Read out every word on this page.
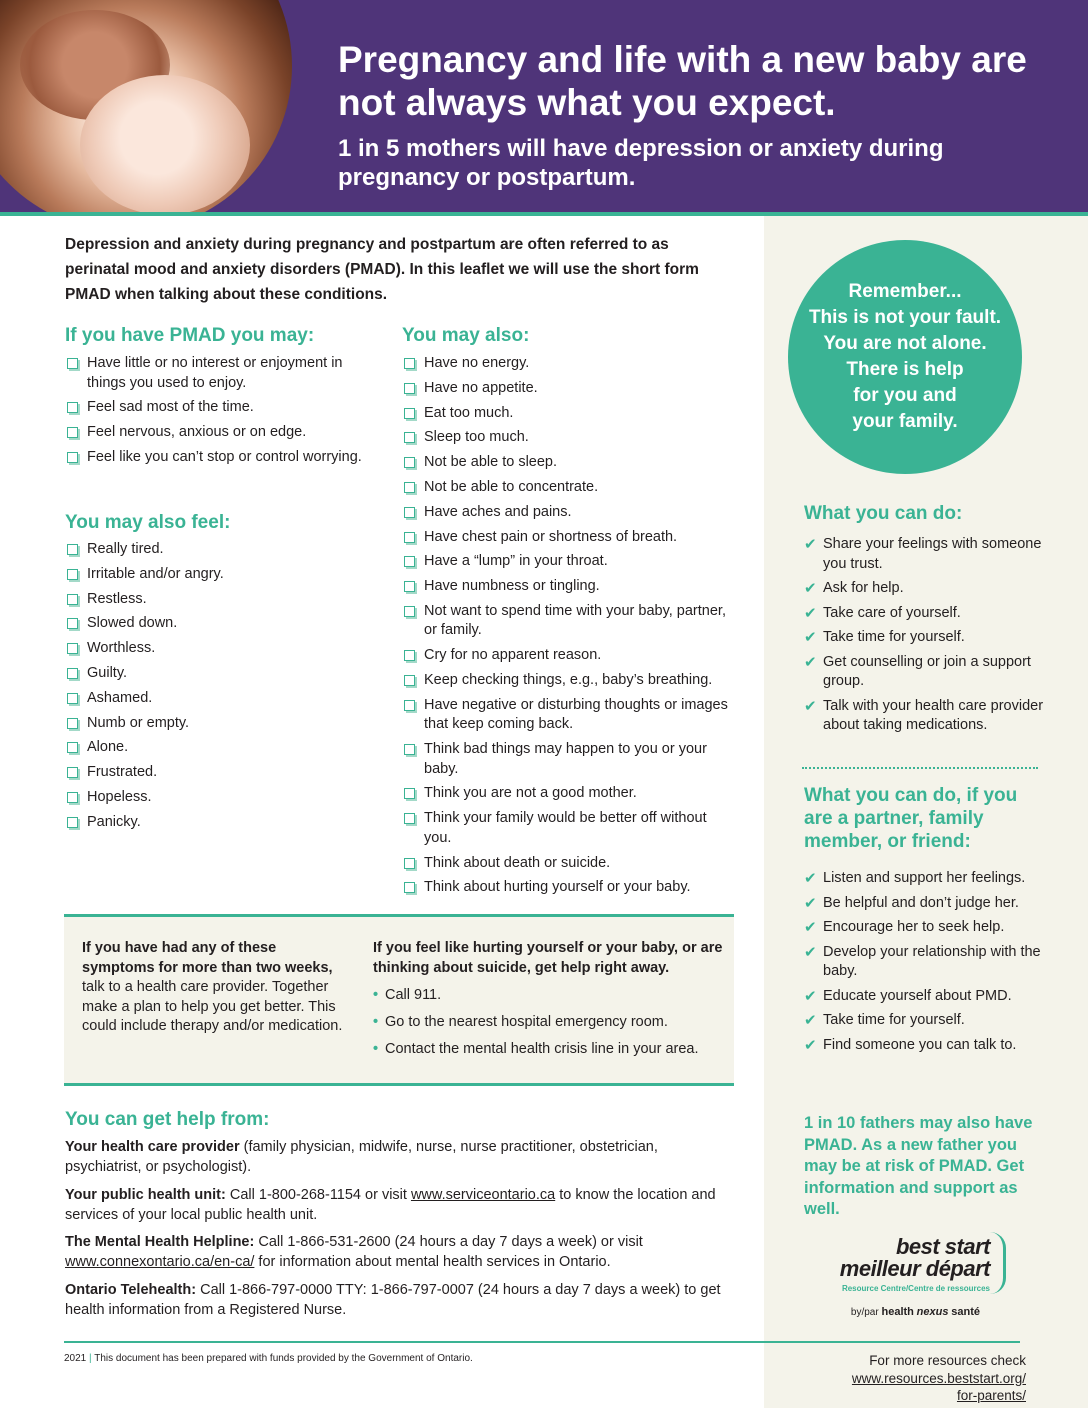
Pregnancy and life with a new baby are not always what you expect.
1 in 5 mothers will have depression or anxiety during pregnancy or postpartum.

Depression and anxiety during pregnancy and postpartum are often referred to as perinatal mood and anxiety disorders (PMAD). In this leaflet we will use the short form PMAD when talking about these conditions.

If you have PMAD you may:
Have little or no interest or enjoyment in things you used to enjoy.
Feel sad most of the time.
Feel nervous, anxious or on edge.
Feel like you can’t stop or control worrying.
You may also feel:
Really tired.
Irritable and/or angry.
Restless.
Slowed down.
Worthless.
Guilty.
Ashamed.
Numb or empty.
Alone.
Frustrated.
Hopeless.
Panicky.
You may also:
Have no energy.
Have no appetite.
Eat too much.
Sleep too much.
Not be able to sleep.
Not be able to concentrate.
Have aches and pains.
Have chest pain or shortness of breath.
Have a “lump” in your throat.
Have numbness or tingling.
Not want to spend time with your baby, partner, or family.
Cry for no apparent reason.
Keep checking things, e.g., baby’s breathing.
Have negative or disturbing thoughts or images that keep coming back.
Think bad things may happen to you or your baby.
Think you are not a good mother.
Think your family would be better off without you.
Think about death or suicide.
Think about hurting yourself or your baby.

If you have had any of these symptoms for more than two weeks, talk to a health care provider. Together make a plan to help you get better. This could include therapy and/or medication.

If you feel like hurting yourself or your baby, or are thinking about suicide, get help right away.
• Call 911.
• Go to the nearest hospital emergency room.
• Contact the mental health crisis line in your area.
You can get help from:

Your health care provider (family physician, midwife, nurse, nurse practitioner, obstetrician, psychiatrist, or psychologist).

Your public health unit: Call 1-800-268-1154 or visit www.serviceontario.ca to know the location and services of your local public health unit.

The Mental Health Helpline: Call 1-866-531-2600 (24 hours a day 7 days a week) or visit www.connexontario.ca/en-ca/ for information about mental health services in Ontario.

Ontario Telehealth: Call 1-866-797-0000 TTY: 1-866-797-0007 (24 hours a day 7 days a week) to get health information from a Registered Nurse.

Remember...
This is not your fault.
You are not alone.
There is help
for you and
your family.
What you can do:
✔ Share your feelings with someone you trust.
✔ Ask for help.
✔ Take care of yourself.
✔ Take time for yourself.
✔ Get counselling or join a support group.
✔ Talk with your health care provider about taking medications.
What you can do, if you are a partner, family member, or friend:
✔ Listen and support her feelings.
✔ Be helpful and don’t judge her.
✔ Encourage her to seek help.
✔ Develop your relationship with the baby.
✔ Educate yourself about PMD.
✔ Take time for yourself.
✔ Find someone you can talk to.

1 in 10 fathers may also have PMAD. As a new father you may be at risk of PMAD. Get information and support as well.

best start
meilleur départ
Resource Centre/Centre de ressources
by/par health nexus santé
2021 | This document has been prepared with funds provided by the Government of Ontario.	For more resources check
www.resources.beststart.org/
for-parents/
